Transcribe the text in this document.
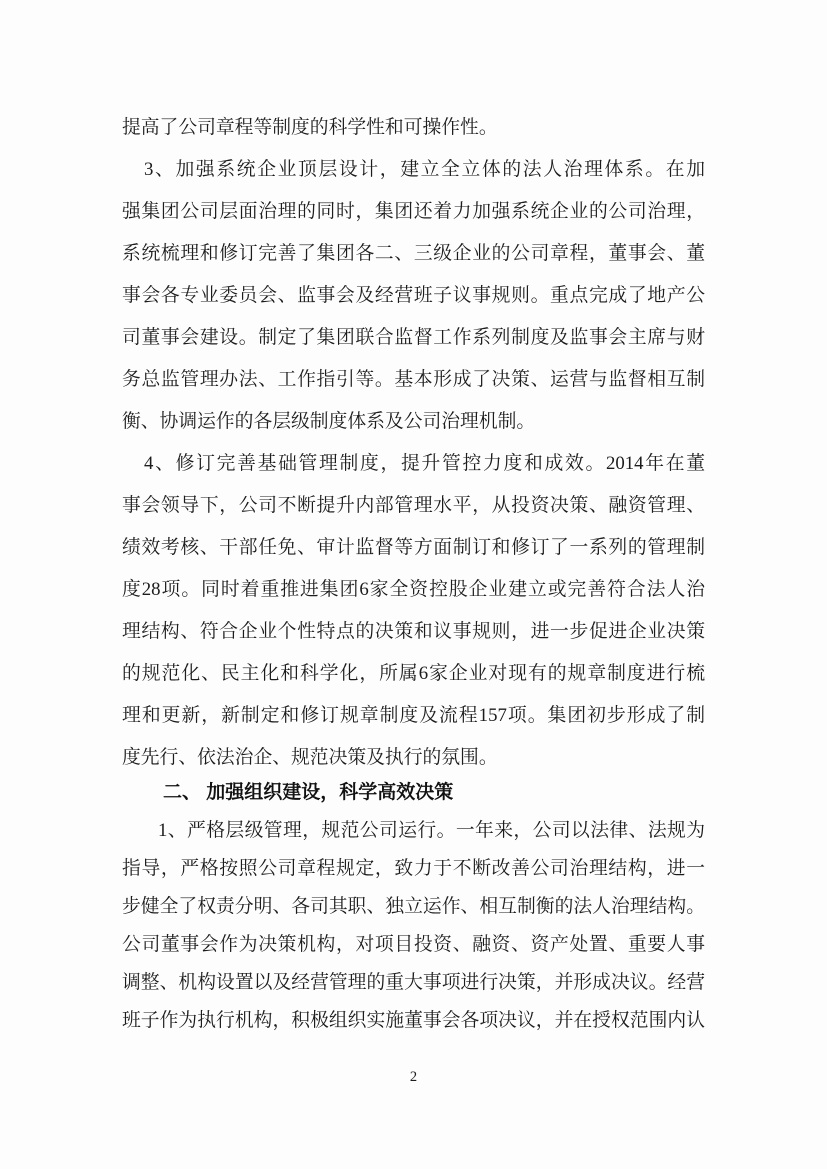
提高了公司章程等制度的科学性和可操作性。
3、加强系统企业顶层设计，建立全立体的法人治理体系。在加
强集团公司层面治理的同时，集团还着力加强系统企业的公司治理，
系统梳理和修订完善了集团各二、三级企业的公司章程，董事会、董
事会各专业委员会、监事会及经营班子议事规则。重点完成了地产公
司董事会建设。制定了集团联合监督工作系列制度及监事会主席与财
务总监管理办法、工作指引等。基本形成了决策、运营与监督相互制
衡、协调运作的各层级制度体系及公司治理机制。
4、修订完善基础管理制度，提升管控力度和成效。2014年在董
事会领导下，公司不断提升内部管理水平，从投资决策、融资管理、
绩效考核、干部任免、审计监督等方面制订和修订了一系列的管理制
度28项。同时着重推进集团6家全资控股企业建立或完善符合法人治
理结构、符合企业个性特点的决策和议事规则，进一步促进企业决策
的规范化、民主化和科学化，所属6家企业对现有的规章制度进行梳
理和更新，新制定和修订规章制度及流程157项。集团初步形成了制
度先行、依法治企、规范决策及执行的氛围。
二、 加强组织建设，科学高效决策
1、严格层级管理，规范公司运行。一年来，公司以法律、法规为
指导，严格按照公司章程规定，致力于不断改善公司治理结构，进一
步健全了权责分明、各司其职、独立运作、相互制衡的法人治理结构。
公司董事会作为决策机构，对项目投资、融资、资产处置、重要人事
调整、机构设置以及经营管理的重大事项进行决策，并形成决议。经营
班子作为执行机构，积极组织实施董事会各项决议，并在授权范围内认
2
